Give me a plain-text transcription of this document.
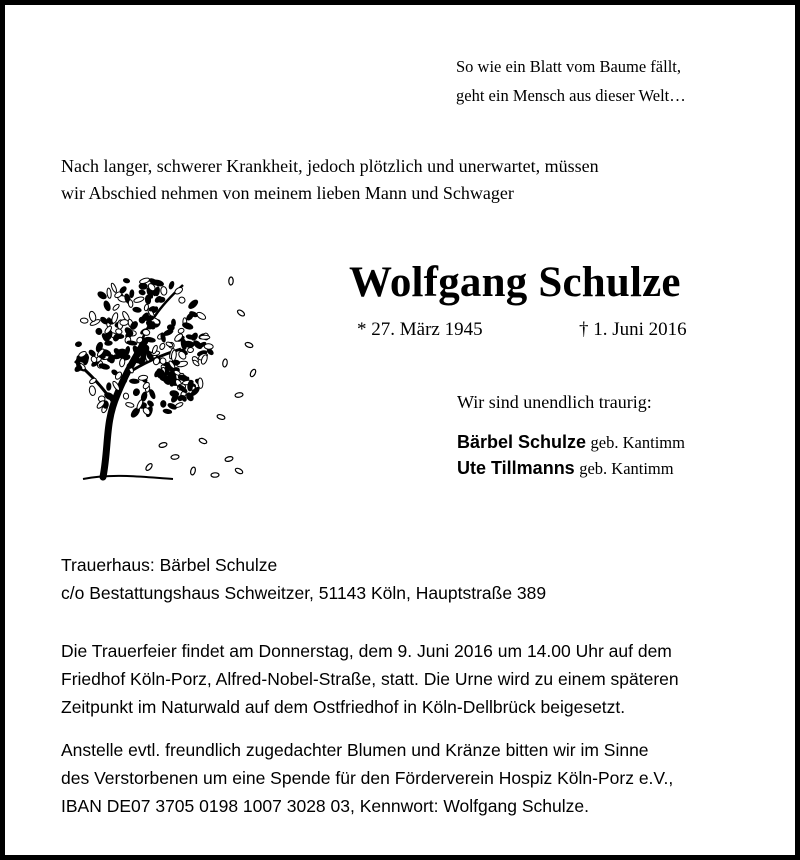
So wie ein Blatt vom Baume fällt,

geht ein Mensch aus dieser Welt…

Nach langer, schwerer Krankheit, jedoch plötzlich und unerwartet, müssen

wir Abschied nehmen von meinem lieben Mann und Schwager

Wolfgang Schulze

* 27. März 1945	† 1. Juni 2016

Wir sind unendlich traurig:

Bärbel Schulze geb. Kantimm

Ute Tillmanns geb. Kantimm

Trauerhaus: Bärbel Schulze

c/o Bestattungshaus Schweitzer, 51143 Köln, Hauptstraße 389

Die Trauerfeier findet am Donnerstag, dem 9. Juni 2016 um 14.00 Uhr auf dem

Friedhof Köln-Porz, Alfred-Nobel-Straße, statt. Die Urne wird zu einem späteren

Zeitpunkt im Naturwald auf dem Ostfriedhof in Köln-Dellbrück beigesetzt.

Anstelle evtl. freundlich zugedachter Blumen und Kränze bitten wir im Sinne

des Verstorbenen um eine Spende für den Förderverein Hospiz Köln-Porz e.V.,

IBAN DE07 3705 0198 1007 3028 03, Kennwort: Wolfgang Schulze.
